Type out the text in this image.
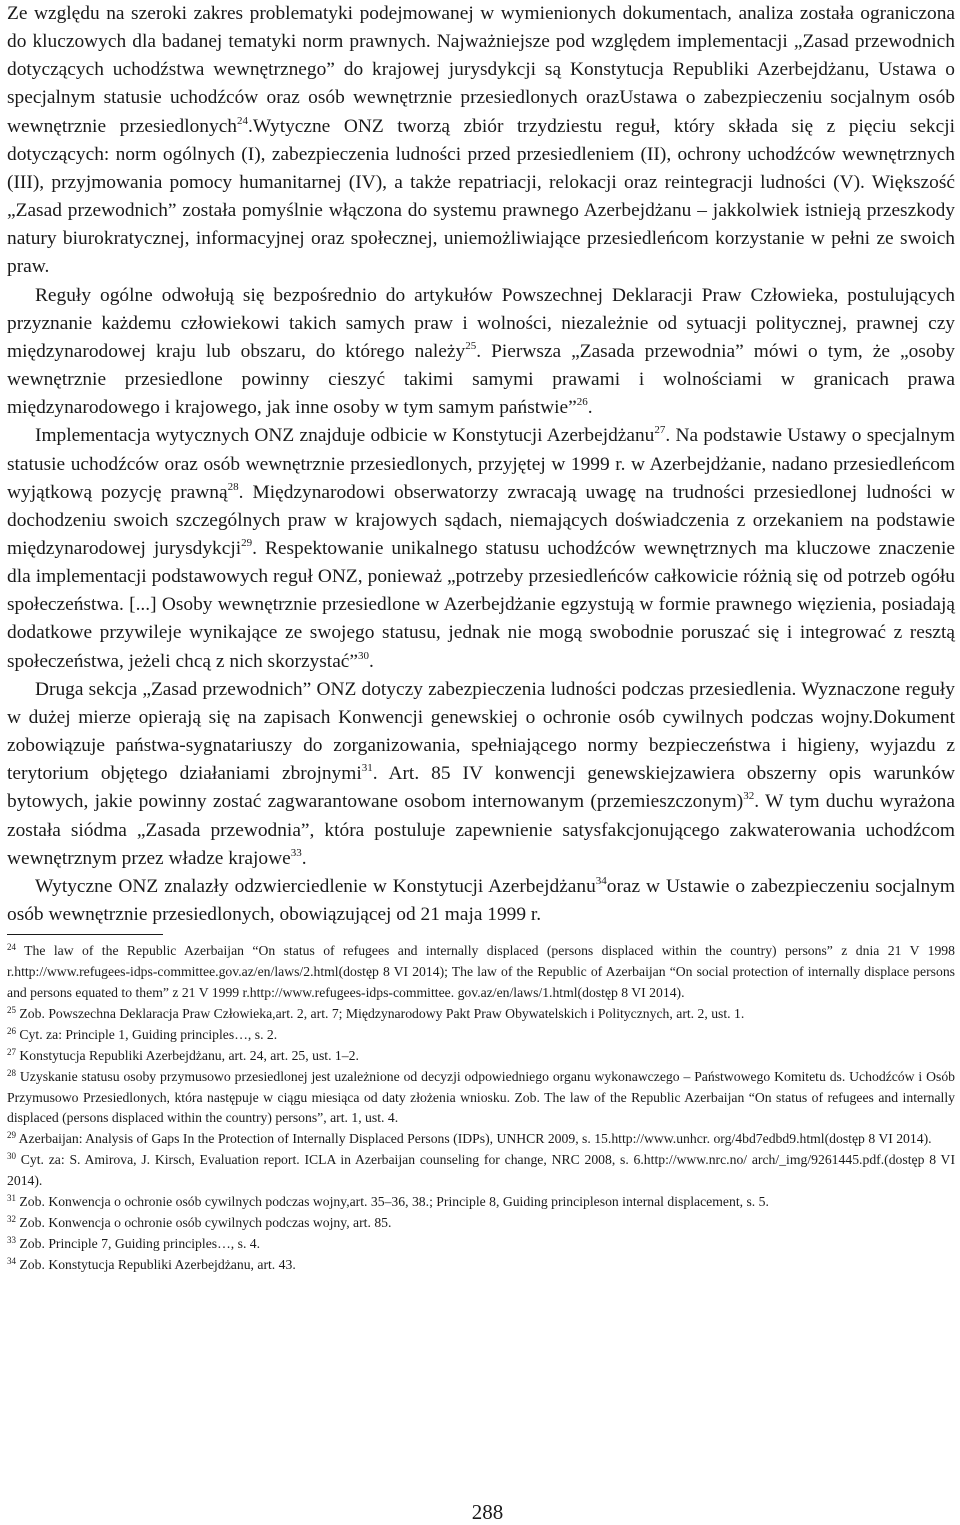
Ze względu na szeroki zakres problematyki podejmowanej w wymienionych dokumentach, analiza została ograniczona do kluczowych dla badanej tematyki norm prawnych. Najważniejsze pod względem implementacji „Zasad przewodnich dotyczących uchodźstwa wewnętrznego” do krajowej jurysdykcji są Konstytucja Republiki Azerbejdżanu, Ustawa o specjalnym statusie uchodźców oraz osób wewnętrznie przesiedlonych orazUstawa o zabezpieczeniu socjalnym osób wewnętrznie przesiedlonych$^{24}$.Wytyczne ONZ tworzą zbiór trzydziestu reguł, który składa się z pięciu sekcji dotyczących: norm ogólnych (I), zabezpieczenia ludności przed przesiedleniem (II), ochrony uchodźców wewnętrznych (III), przyjmowania pomocy humanitarnej (IV), a także repatriacji, relokacji oraz reintegracji ludności (V). Większość „Zasad przewodnich” została pomyślnie włączona do systemu prawnego Azerbejdżanu – jakkolwiek istnieją przeszkody natury biurokratycznej, informacyjnej oraz społecznej, uniemożliwiające przesiedleńcom korzystanie w pełni ze swoich praw.

Reguły ogólne odwołują się bezpośrednio do artykułów Powszechnej Deklaracji Praw Człowieka, postulujących przyznanie każdemu człowiekowi takich samych praw i wolności, niezależnie od sytuacji politycznej, prawnej czy międzynarodowej kraju lub obszaru, do którego należy$^{25}$. Pierwsza „Zasada przewodnia” mówi o tym, że „osoby wewnętrznie przesiedlone powinny cieszyć takimi samymi prawami i wolnościami w granicach prawa międzynarodowego i krajowego, jak inne osoby w tym samym państwie”$^{26}$.

Implementacja wytycznych ONZ znajduje odbicie w Konstytucji Azerbejdżanu$^{27}$. Na podstawie Ustawy o specjalnym statusie uchodźców oraz osób wewnętrznie przesiedlonych, przyjętej w 1999 r. w Azerbejdżanie, nadano przesiedleńcom wyjątkową pozycję prawną$^{28}$. Międzynarodowi obserwatorzy zwracają uwagę na trudności przesiedlonej ludności w dochodzeniu swoich szczególnych praw w krajowych sądach, niemających doświadczenia z orzekaniem na podstawie międzynarodowej jurysdykcji$^{29}$. Respektowanie unikalnego statusu uchodźców wewnętrznych ma kluczowe znaczenie dla implementacji podstawowych reguł ONZ, ponieważ „potrzeby przesiedleńców całkowicie różnią się od potrzeb ogółu społeczeństwa. [...] Osoby wewnętrznie przesiedlone w Azerbejdżanie egzystują w formie prawnego więzienia, posiadają dodatkowe przywileje wynikające ze swojego statusu, jednak nie mogą swobodnie poruszać się i integrować z resztą społeczeństwa, jeżeli chcą z nich skorzystać”$^{30}$.

Druga sekcja „Zasad przewodnich” ONZ dotyczy zabezpieczenia ludności podczas przesiedlenia. Wyznaczone reguły w dużej mierze opierają się na zapisach Konwencji genewskiej o ochronie osób cywilnych podczas wojny.Dokument zobowiązuje państwa-sygnatariuszy do zorganizowania, spełniającego normy bezpieczeństwa i higieny, wyjazdu z terytorium objętego działaniami zbrojnymi$^{31}$. Art. 85 IV konwencji genewskiejzawiera obszerny opis warunków bytowych, jakie powinny zostać zagwarantowane osobom internowanym (przemieszczonym)$^{32}$. W tym duchu wyrażona została siódma „Zasada przewodnia”, która postuluje zapewnienie satysfakcjonującego zakwaterowania uchodźcom wewnętrznym przez władze krajowe$^{33}$.

Wytyczne ONZ znalazły odzwierciedlenie w Konstytucji Azerbejdżanu$^{34}$oraz w Ustawie o zabezpieczeniu socjalnym osób wewnętrznie przesiedlonych, obowiązującej od 21 maja 1999 r.

$^{24}$ The law of the Republic Azerbaijan “On status of refugees and internally displaced (persons displaced within the country) persons” z dnia 21 V 1998 r.http://www.refugees-idps-committee.gov.az/en/laws/2.html(dostęp 8 VI 2014); The law of the Republic of Azerbaijan “On social protection of internally displace persons and persons equated to them” z 21 V 1999 r.http://www.refugees-idps-committee. gov.az/en/laws/1.html(dostęp 8 VI 2014).

$^{25}$ Zob. Powszechna Deklaracja Praw Człowieka,art. 2, art. 7; Międzynarodowy Pakt Praw Obywatelskich i Politycznych, art. 2, ust. 1.

$^{26}$ Cyt. za: Principle 1, Guiding principles…, s. 2.

$^{27}$ Konstytucja Republiki Azerbejdżanu, art. 24, art. 25, ust. 1–2.

$^{28}$ Uzyskanie statusu osoby przymusowo przesiedlonej jest uzależnione od decyzji odpowiedniego organu wykonawczego – Państwowego Komitetu ds. Uchodźców i Osób Przymusowo Przesiedlonych, która następuje w ciągu miesiąca od daty złożenia wniosku. Zob. The law of the Republic Azerbaijan “On status of refugees and internally displaced (persons displaced within the country) persons”, art. 1, ust. 4.

$^{29}$ Azerbaijan: Analysis of Gaps In the Protection of Internally Displaced Persons (IDPs), UNHCR 2009, s. 15.http://www.unhcr. org/4bd7edbd9.html(dostęp 8 VI 2014).

$^{30}$ Cyt. za: S. Amirova, J. Kirsch, Evaluation report. ICLA in Azerbaijan counseling for change, NRC 2008, s. 6.http://www.nrc.no/ arch/_img/9261445.pdf.(dostęp 8 VI 2014).

$^{31}$ Zob. Konwencja o ochronie osób cywilnych podczas wojny,art. 35–36, 38.; Principle 8, Guiding principleson internal displacement, s. 5.

$^{32}$ Zob. Konwencja o ochronie osób cywilnych podczas wojny, art. 85.

$^{33}$ Zob. Principle 7, Guiding principles…, s. 4.

$^{34}$ Zob. Konstytucja Republiki Azerbejdżanu, art. 43.

288
